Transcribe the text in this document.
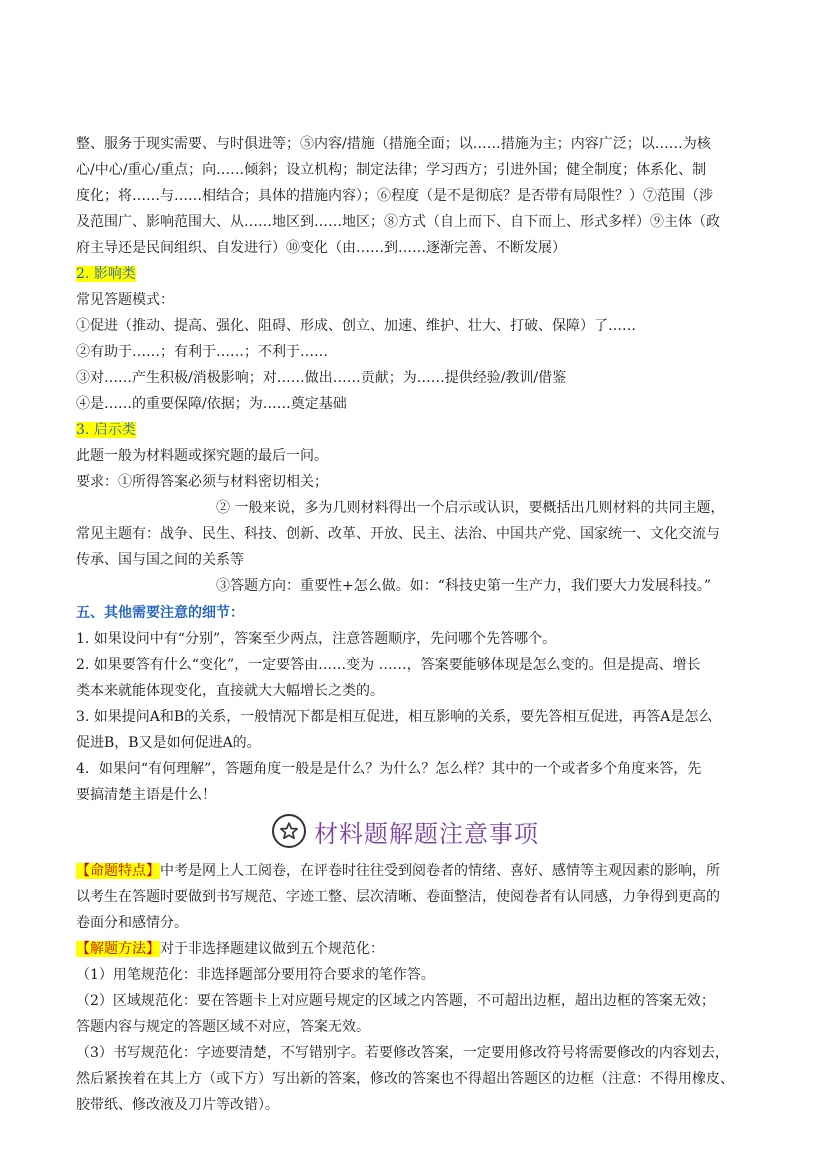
整、服务于现实需要、与时俱进等；⑤内容/措施（措施全面；以……措施为主；内容广泛；以……为核
心/中心/重心/重点；向……倾斜；设立机构；制定法律；学习西方；引进外国；健全制度；体系化、制
度化；将……与……相结合；具体的措施内容）；⑥程度（是不是彻底？是否带有局限性？）⑦范围（涉
及范围广、影响范围大、从……地区到……地区；⑧方式（自上而下、自下而上、形式多样）⑨主体（政
府主导还是民间组织、自发进行）⑩变化（由……到……逐渐完善、不断发展）
2. 影响类
常见答题模式：
①促进（推动、提高、强化、阻碍、形成、创立、加速、维护、壮大、打破、保障）了……
②有助于……；有利于……；不利于……
③对……产生积极/消极影响；对……做出……贡献；为……提供经验/教训/借鉴
④是……的重要保障/依据；为……奠定基础
3. 启示类
此题一般为材料题或探究题的最后一问。
要求：①所得答案必须与材料密切相关；
② 一般来说，多为几则材料得出一个启示或认识，要概括出几则材料的共同主题，
常见主题有：战争、民生、科技、创新、改革、开放、民主、法治、中国共产党、国家统一、文化交流与
传承、国与国之间的关系等
③答题方向：重要性+怎么做。如：“科技史第一生产力，我们要大力发展科技。”
五、其他需要注意的细节：
1. 如果设问中有“分别”，答案至少两点，注意答题顺序，先问哪个先答哪个。
2. 如果要答有什么“变化”，一定要答由……变为 ……，答案要能够体现是怎么变的。但是提高、增长
类本来就能体现变化，直接就大大幅增长之类的。
3. 如果提问A和B的关系，一般情况下都是相互促进，相互影响的关系，要先答相互促进，再答A是怎么
促进B，B又是如何促进A的。
4．如果问“有何理解”，答题角度一般是是什么？为什么？怎么样？其中的一个或者多个角度来答，先
要搞清楚主语是什么！
材料题解题注意事项
【命题特点】中考是网上人工阅卷，在评卷时往往受到阅卷者的情绪、喜好、感情等主观因素的影响，所
以考生在答题时要做到书写规范、字迹工整、层次清晰、卷面整洁，使阅卷者有认同感，力争得到更高的
卷面分和感情分。
【解题方法】对于非选择题建议做到五个规范化：
（1）用笔规范化：非选择题部分要用符合要求的笔作答。
（2）区域规范化：要在答题卡上对应题号规定的区域之内答题，不可超出边框，超出边框的答案无效；
答题内容与规定的答题区域不对应，答案无效。
（3）书写规范化：字迹要清楚，不写错别字。若要修改答案，一定要用修改符号将需要修改的内容划去，
然后紧挨着在其上方（或下方）写出新的答案，修改的答案也不得超出答题区的边框（注意：不得用橡皮、
胶带纸、修改液及刀片等改错）。
